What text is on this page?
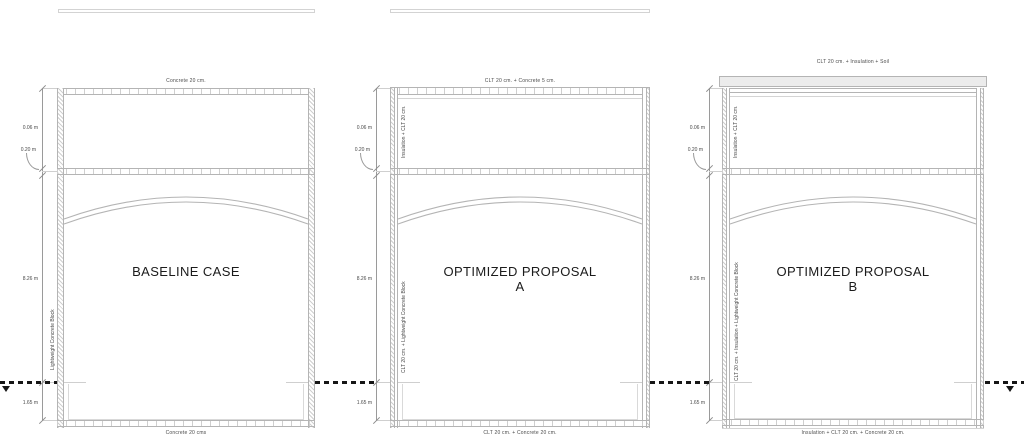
Concrete 20 cm.
BASELINE CASE
Lightweight Concrete Block
0.06 m
0.20 m
8.26 m
1.65 m
Concrete 20 cms
CLT 20 cm. + Concrete 5 cm.
Insulation + CLT 20 cm.
OPTIMIZED PROPOSAL
A
CLT 20 cm. + Lightweight Concrete Block
0.06 m
0.20 m
8.26 m
1.65 m
CLT 20 cm. + Concrete 20 cm.
CLT 20 cm. + Insulation + Soil
Insulation + CLT 20 cm.
OPTIMIZED PROPOSAL
B
CLT 20 cm. + Insulation + Lightweight Concrete Block
0.06 m
0.20 m
8.26 m
1.65 m
Insulation + CLT 20 cm. + Concrete 20 cm.
